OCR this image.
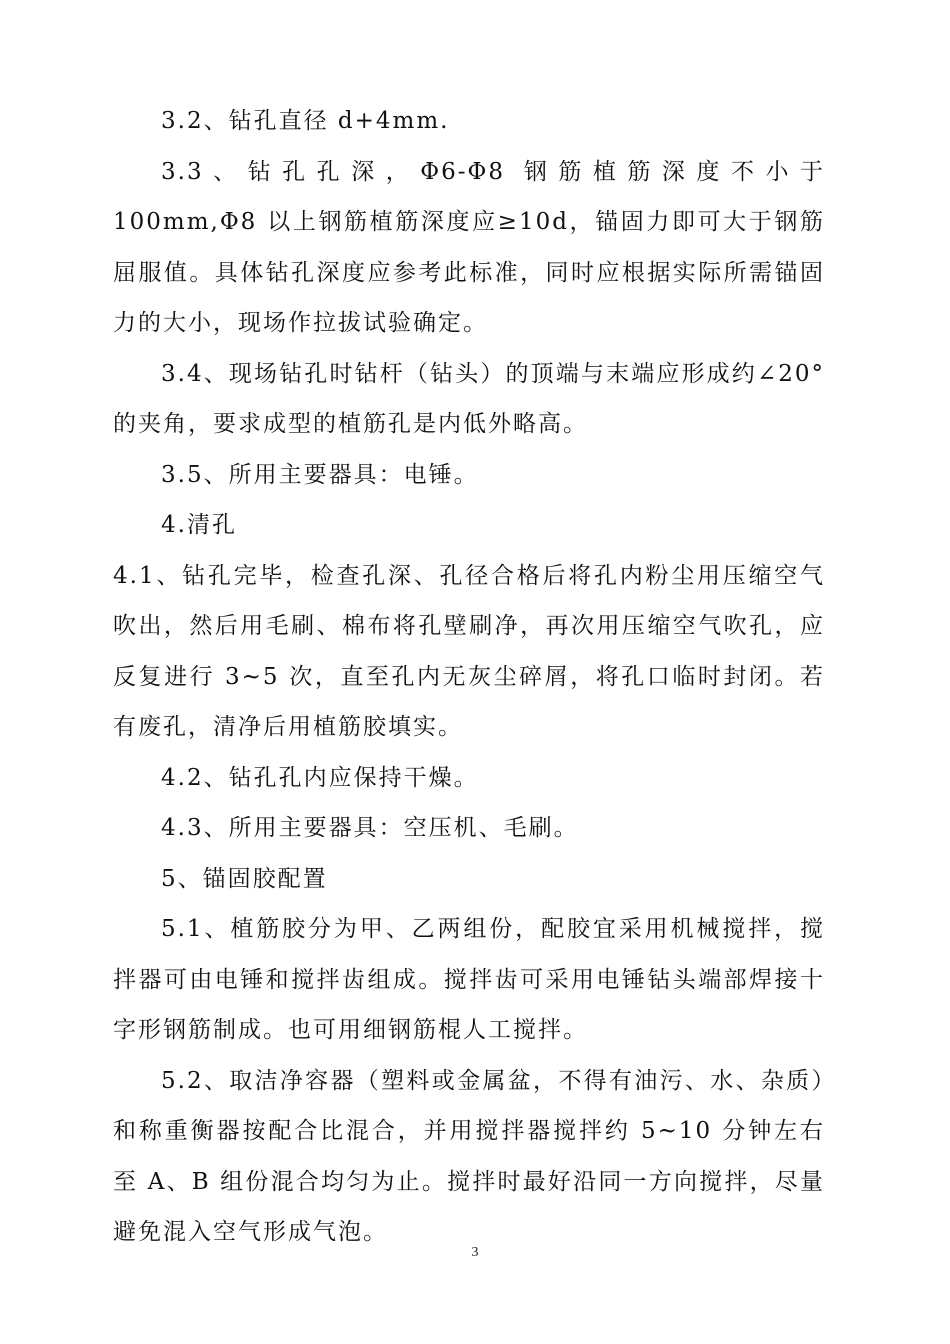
3.2、钻孔直径 d+4mm.

3.3、钻孔孔深，Φ6-Φ8 钢筋植筋深度不小于 100mm,Φ8 以上钢筋植筋深度应≥10d，锚固力即可大于钢筋屈服值。具体钻孔深度应参考此标准，同时应根据实际所需锚固力的大小，现场作拉拔试验确定。

3.4、现场钻孔时钻杆（钻头）的顶端与末端应形成约∠20° 的夹角，要求成型的植筋孔是内低外略高。

3.5、所用主要器具：电锤。

4.清孔

4.1、钻孔完毕，检查孔深、孔径合格后将孔内粉尘用压缩空气吹出，然后用毛刷、棉布将孔壁刷净，再次用压缩空气吹孔，应反复进行 3~5 次，直至孔内无灰尘碎屑，将孔口临时封闭。若有废孔，清净后用植筋胶填实。

4.2、钻孔孔内应保持干燥。

4.3、所用主要器具：空压机、毛刷。

5、锚固胶配置

5.1、植筋胶分为甲、乙两组份，配胶宜采用机械搅拌，搅拌器可由电锤和搅拌齿组成。搅拌齿可采用电锤钻头端部焊接十字形钢筋制成。也可用细钢筋棍人工搅拌。

5.2、取洁净容器（塑料或金属盆，不得有油污、水、杂质）和称重衡器按配合比混合，并用搅拌器搅拌约 5~10 分钟左右至 A、B 组份混合均匀为止。搅拌时最好沿同一方向搅拌，尽量避免混入空气形成气泡。

3
